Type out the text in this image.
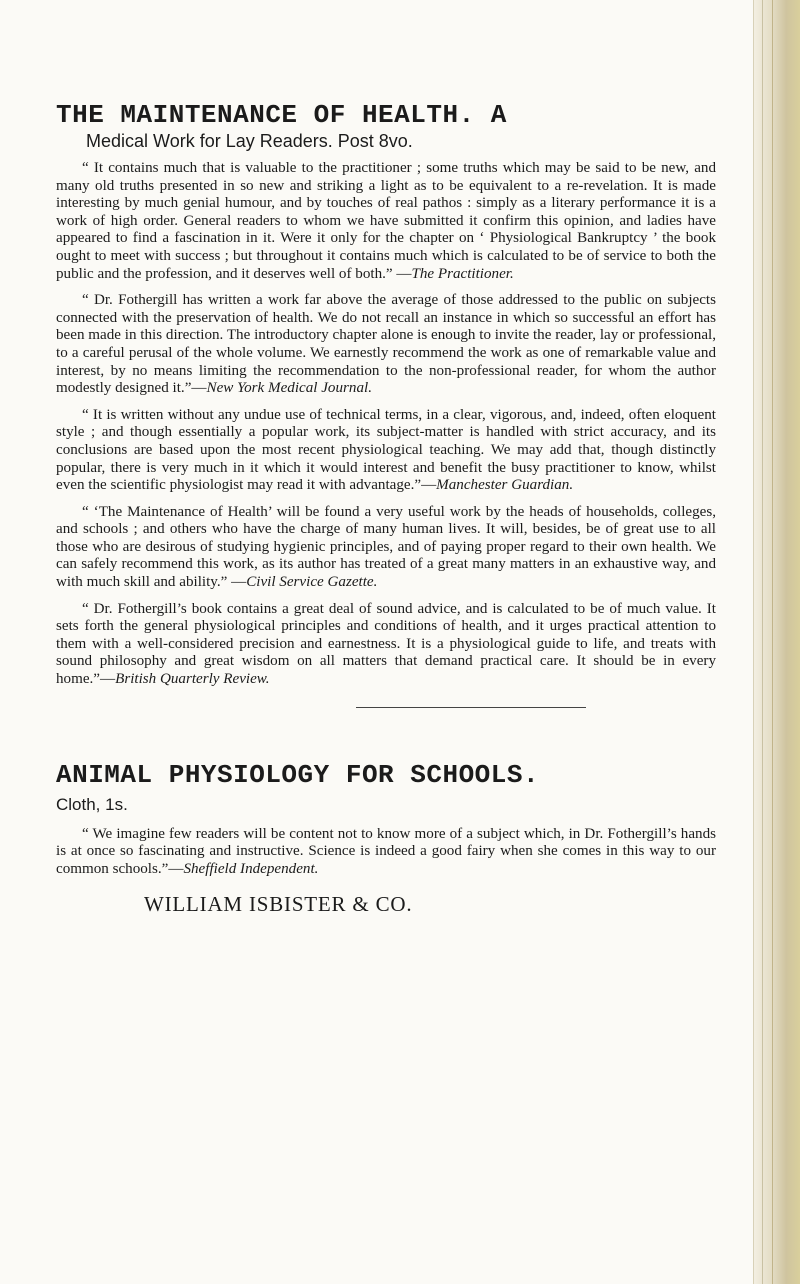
THE MAINTENANCE OF HEALTH. A

Medical Work for Lay Readers. Post 8vo.

“ It contains much that is valuable to the practitioner ; some truths which may be said to be new, and many old truths presented in so new and striking a light as to be equivalent to a re-revelation. It is made interesting by much genial humour, and by touches of real pathos : simply as a literary performance it is a work of high order. General readers to whom we have submitted it confirm this opinion, and ladies have appeared to find a fascination in it. Were it only for the chapter on ‘ Physiological Bankruptcy ’ the book ought to meet with success ; but throughout it contains much which is calculated to be of service to both the public and the profession, and it deserves well of both.” —The Practitioner.

“ Dr. Fothergill has written a work far above the average of those addressed to the public on subjects connected with the preservation of health. We do not recall an instance in which so successful an effort has been made in this direction. The introductory chapter alone is enough to invite the reader, lay or professional, to a careful perusal of the whole volume. We earnestly recommend the work as one of remarkable value and interest, by no means limiting the recommendation to the non-professional reader, for whom the author modestly designed it.”—New York Medical Journal.

“ It is written without any undue use of technical terms, in a clear, vigorous, and, indeed, often eloquent style ; and though essentially a popular work, its subject-matter is handled with strict accuracy, and its conclusions are based upon the most recent physiological teaching. We may add that, though distinctly popular, there is very much in it which it would interest and benefit the busy practitioner to know, whilst even the scientific physiologist may read it with advantage.”—Manchester Guardian.

“ ‘The Maintenance of Health’ will be found a very useful work by the heads of households, colleges, and schools ; and others who have the charge of many human lives. It will, besides, be of great use to all those who are desirous of studying hygienic principles, and of paying proper regard to their own health. We can safely recommend this work, as its author has treated of a great many matters in an exhaustive way, and with much skill and ability.” —Civil Service Gazette.

“ Dr. Fothergill’s book contains a great deal of sound advice, and is calculated to be of much value. It sets forth the general physiological principles and conditions of health, and it urges practical attention to them with a well-considered precision and earnestness. It is a physiological guide to life, and treats with sound philosophy and great wisdom on all matters that demand practical care. It should be in every home.”—British Quarterly Review.

ANIMAL PHYSIOLOGY FOR SCHOOLS.

Cloth, 1s.

“ We imagine few readers will be content not to know more of a subject which, in Dr. Fothergill’s hands is at once so fascinating and instructive. Science is indeed a good fairy when she comes in this way to our common schools.”—Sheffield Independent.

WILLIAM ISBISTER & CO.
